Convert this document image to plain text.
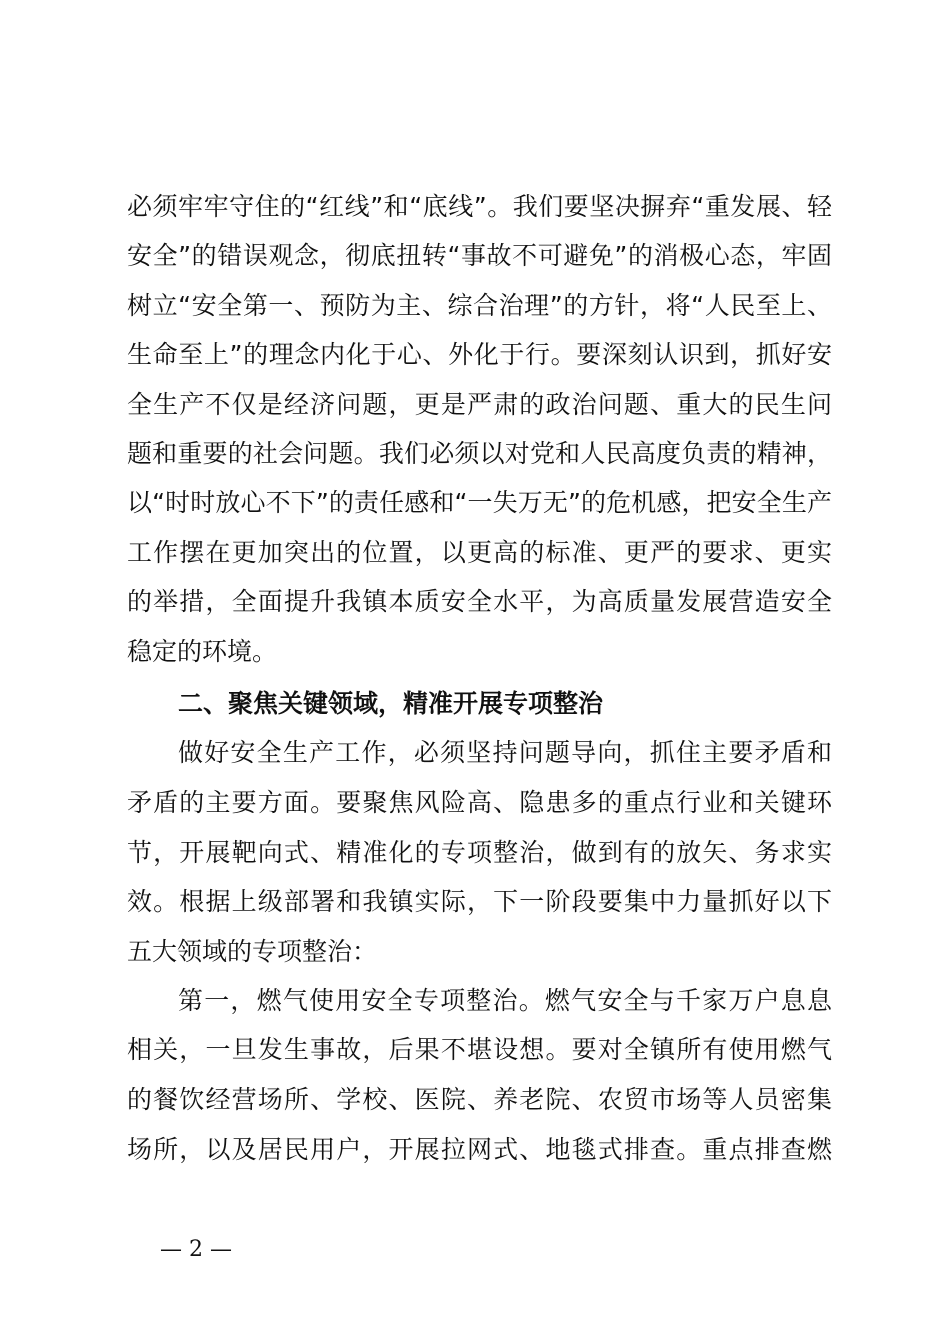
必须牢牢守住的“红线”和“底线”。我们要坚决摒弃“重发展、轻
安全”的错误观念，彻底扭转“事故不可避免”的消极心态，牢固
树立“安全第一、预防为主、综合治理”的方针，将“人民至上、
生命至上”的理念内化于心、外化于行。要深刻认识到，抓好安
全生产不仅是经济问题，更是严肃的政治问题、重大的民生问
题和重要的社会问题。我们必须以对党和人民高度负责的精神，
以“时时放心不下”的责任感和“一失万无”的危机感，把安全生产
工作摆在更加突出的位置，以更高的标准、更严的要求、更实
的举措，全面提升我镇本质安全水平，为高质量发展营造安全
稳定的环境。
二、聚焦关键领域，精准开展专项整治
做好安全生产工作，必须坚持问题导向，抓住主要矛盾和
矛盾的主要方面。要聚焦风险高、隐患多的重点行业和关键环
节，开展靶向式、精准化的专项整治，做到有的放矢、务求实
效。根据上级部署和我镇实际，下一阶段要集中力量抓好以下
五大领域的专项整治：
第一，燃气使用安全专项整治。燃气安全与千家万户息息
相关，一旦发生事故，后果不堪设想。要对全镇所有使用燃气
的餐饮经营场所、学校、医院、养老院、农贸市场等人员密集
场所，以及居民用户，开展拉网式、地毯式排查。重点排查燃
— 2 —
